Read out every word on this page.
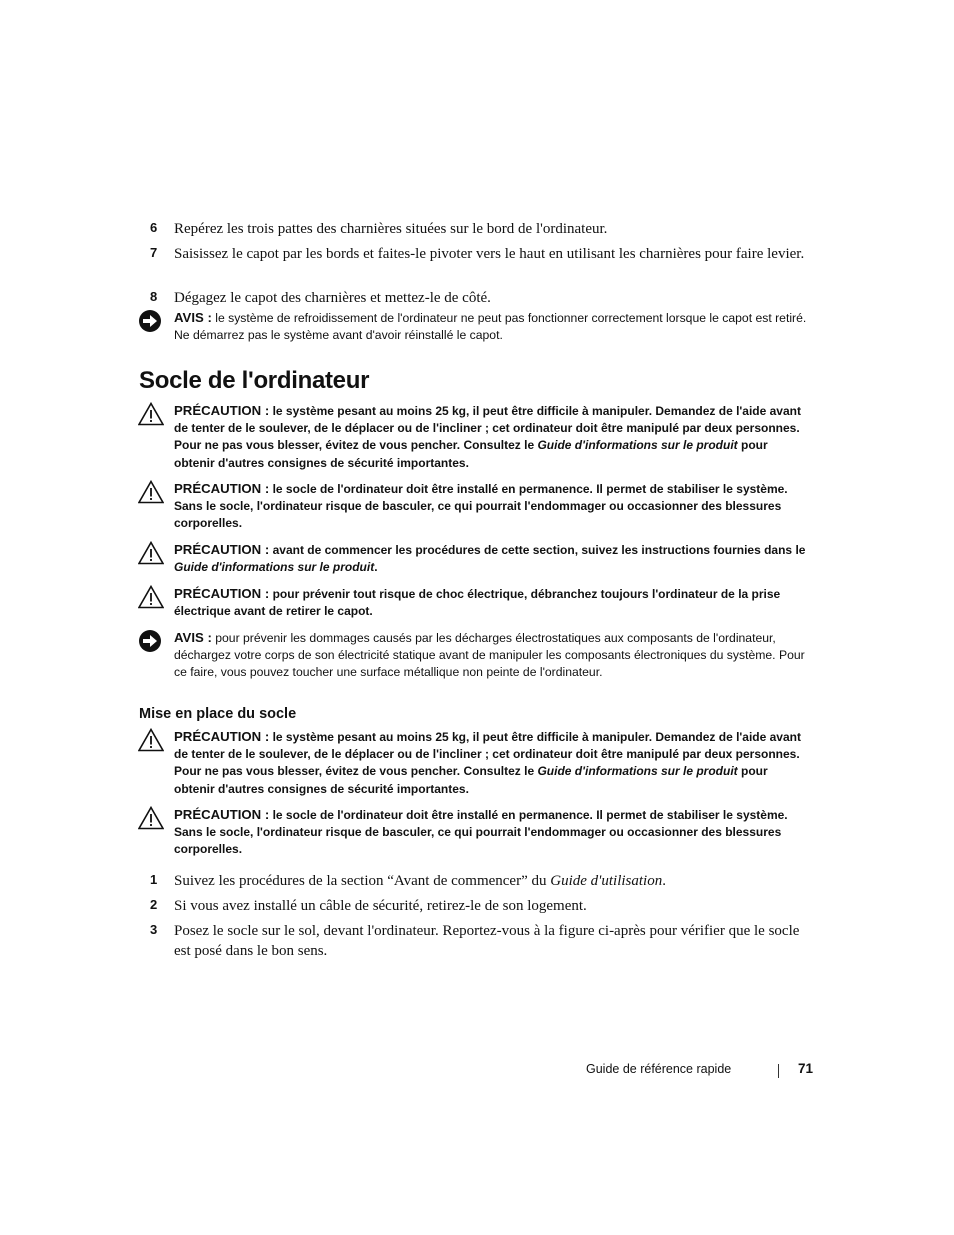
6 Repérez les trois pattes des charnières situées sur le bord de l'ordinateur.
7 Saisissez le capot par les bords et faites-le pivoter vers le haut en utilisant les charnières pour faire levier.
8 Dégagez le capot des charnières et mettez-le de côté.
AVIS : le système de refroidissement de l'ordinateur ne peut pas fonctionner correctement lorsque le capot est retiré. Ne démarrez pas le système avant d'avoir réinstallé le capot.
Socle de l'ordinateur
PRÉCAUTION : le système pesant au moins 25 kg, il peut être difficile à manipuler. Demandez de l'aide avant de tenter de le soulever, de le déplacer ou de l'incliner ; cet ordinateur doit être manipulé par deux personnes. Pour ne pas vous blesser, évitez de vous pencher. Consultez le Guide d'informations sur le produit pour obtenir d'autres consignes de sécurité importantes.
PRÉCAUTION : le socle de l'ordinateur doit être installé en permanence. Il permet de stabiliser le système. Sans le socle, l'ordinateur risque de basculer, ce qui pourrait l'endommager ou occasionner des blessures corporelles.
PRÉCAUTION : avant de commencer les procédures de cette section, suivez les instructions fournies dans le Guide d'informations sur le produit.
PRÉCAUTION : pour prévenir tout risque de choc électrique, débranchez toujours l'ordinateur de la prise électrique avant de retirer le capot.
AVIS : pour prévenir les dommages causés par les décharges électrostatiques aux composants de l'ordinateur, déchargez votre corps de son électricité statique avant de manipuler les composants électroniques du système. Pour ce faire, vous pouvez toucher une surface métallique non peinte de l'ordinateur.
Mise en place du socle
PRÉCAUTION : le système pesant au moins 25 kg, il peut être difficile à manipuler. Demandez de l'aide avant de tenter de le soulever, de le déplacer ou de l'incliner ; cet ordinateur doit être manipulé par deux personnes. Pour ne pas vous blesser, évitez de vous pencher. Consultez le Guide d'informations sur le produit pour obtenir d'autres consignes de sécurité importantes.
PRÉCAUTION : le socle de l'ordinateur doit être installé en permanence. Il permet de stabiliser le système. Sans le socle, l'ordinateur risque de basculer, ce qui pourrait l'endommager ou occasionner des blessures corporelles.
1 Suivez les procédures de la section “Avant de commencer” du Guide d'utilisation.
2 Si vous avez installé un câble de sécurité, retirez-le de son logement.
3 Posez le socle sur le sol, devant l'ordinateur. Reportez-vous à la figure ci-après pour vérifier que le socle est posé dans le bon sens.
Guide de référence rapide	71
